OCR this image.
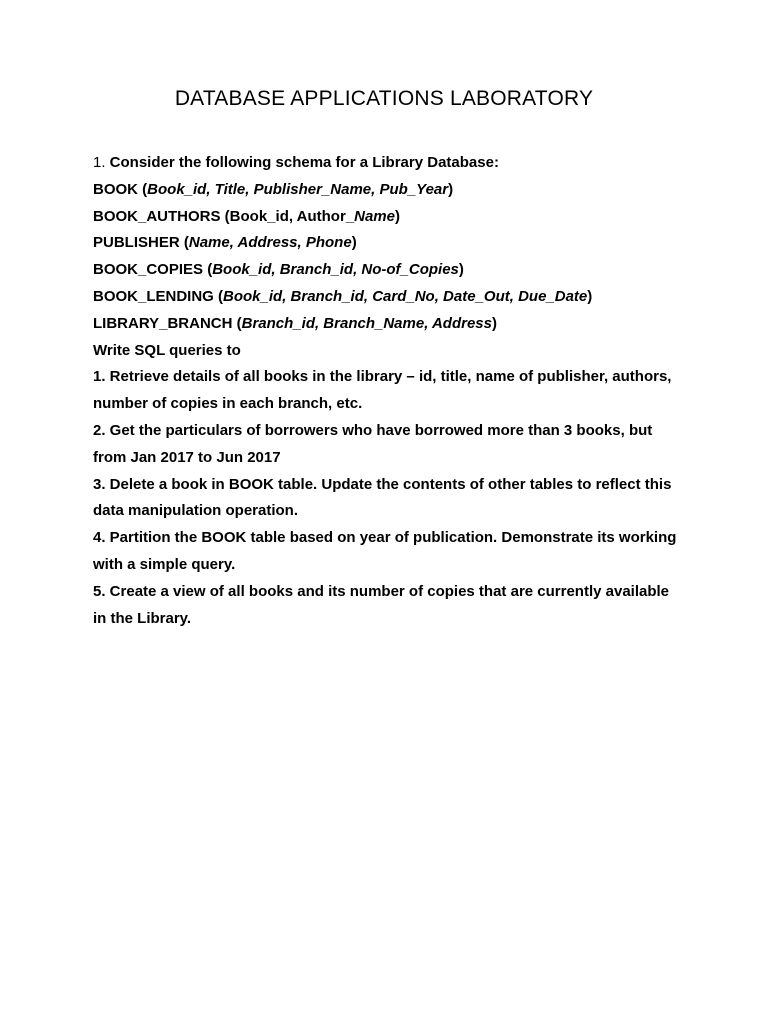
DATABASE APPLICATIONS LABORATORY
1. Consider the following schema for a Library Database:
BOOK (Book_id, Title, Publisher_Name, Pub_Year)
BOOK_AUTHORS (Book_id, Author_Name)
PUBLISHER (Name, Address, Phone)
BOOK_COPIES (Book_id, Branch_id, No-of_Copies)
BOOK_LENDING (Book_id, Branch_id, Card_No, Date_Out, Due_Date)
LIBRARY_BRANCH (Branch_id, Branch_Name, Address)
Write SQL queries to
1. Retrieve details of all books in the library – id, title, name of publisher, authors, number of copies in each branch, etc.
2. Get the particulars of borrowers who have borrowed more than 3 books, but from Jan 2017 to Jun 2017
3. Delete a book in BOOK table. Update the contents of other tables to reflect this data manipulation operation.
4. Partition the BOOK table based on year of publication. Demonstrate its working with a simple query.
5. Create a view of all books and its number of copies that are currently available in the Library.
